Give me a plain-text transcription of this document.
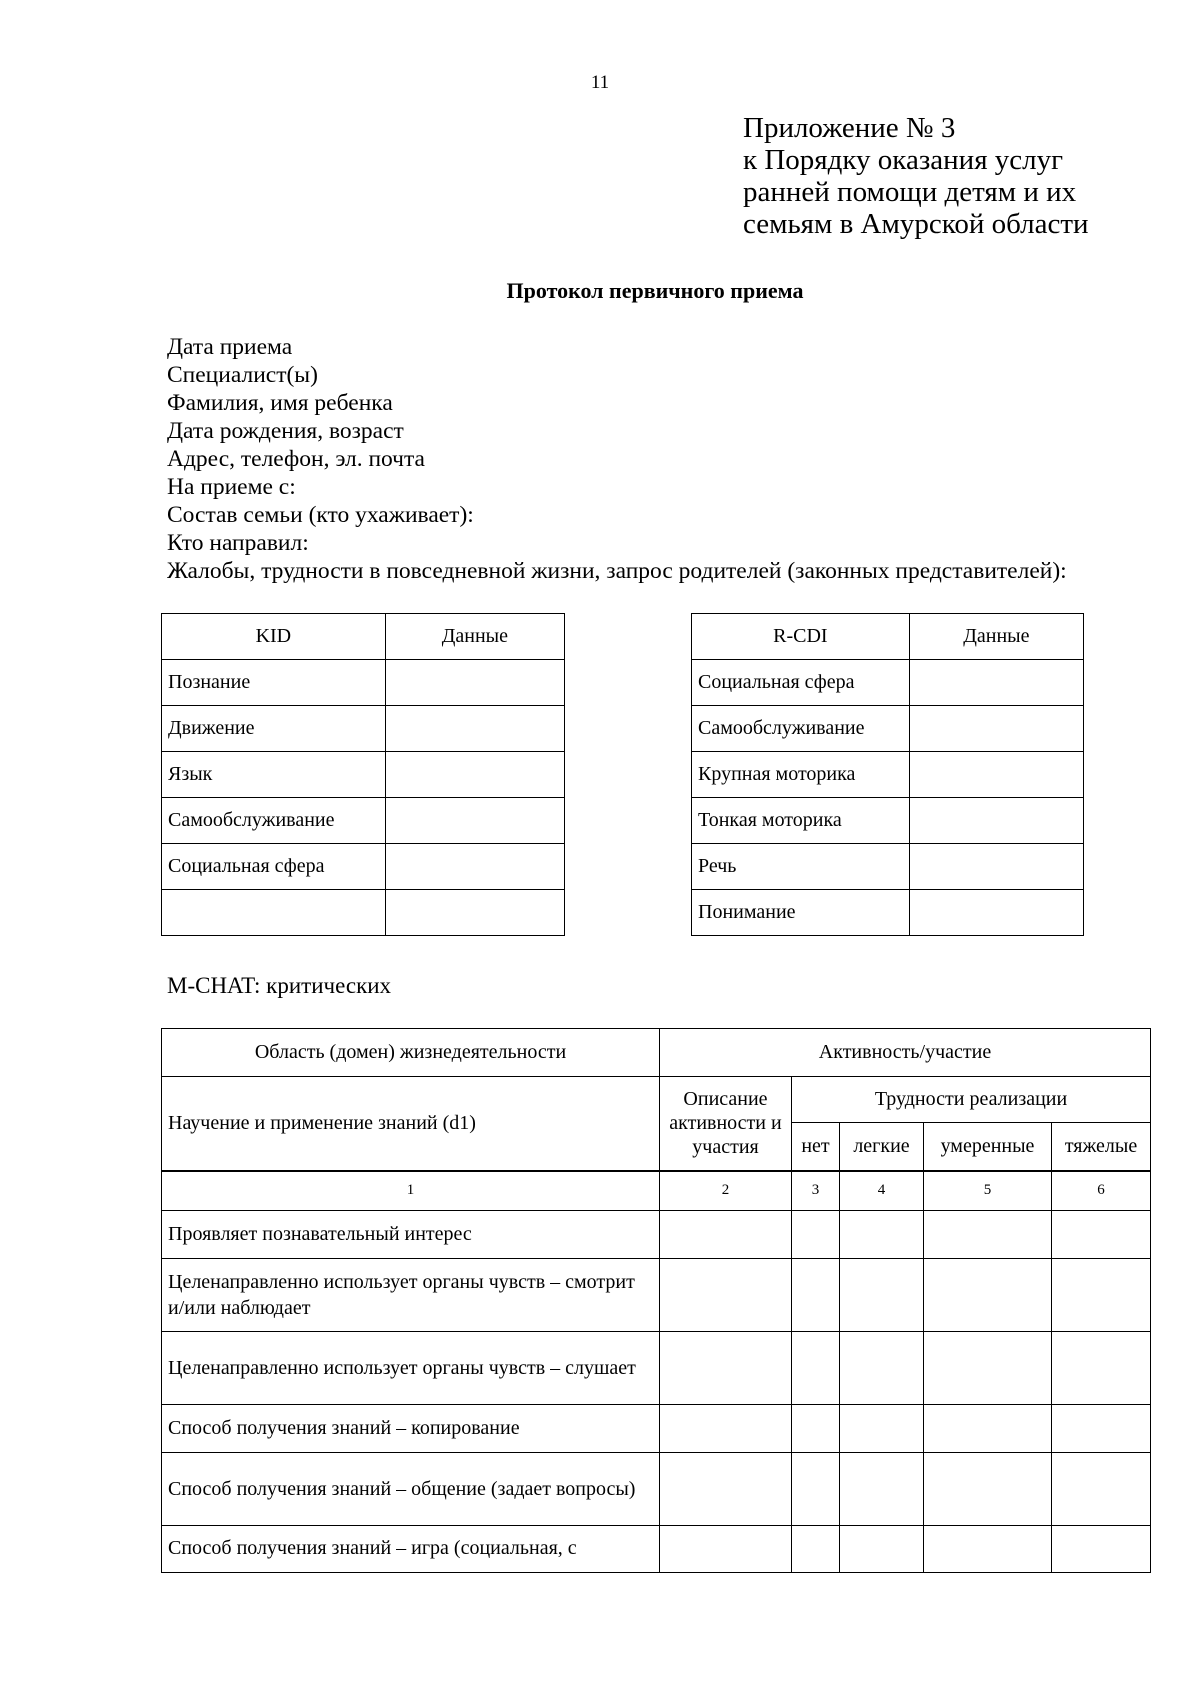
11
Приложение № 3
к Порядку оказания услуг
ранней помощи детям и их
семьям в Амурской области
Протокол первичного приема
Дата приема
Специалист(ы)
Фамилия, имя ребенка
Дата рождения, возраст
Адрес, телефон, эл. почта
На приеме с:
Состав семьи (кто ухаживает):
Кто направил:
Жалобы, трудности в повседневной жизни, запрос родителей (законных представителей):
KID	Данные
Познание	
Движение	
Язык	
Самообслуживание	
Социальная сфера	

R-CDI	Данные
Социальная сфера	
Самообслуживание	
Крупная моторика	
Тонкая моторика	
Речь	
Понимание	
M-CHAT: критических
Область (домен) жизнедеятельности	Активность/участие				
Научение и применение знаний (d1)	Описание активности и участия	Трудности реализации			
		нет	легкие	умеренные	тяжелые
1	2	3	4	5	6
Проявляет познавательный интерес					
Целенаправленно использует органы чувств – смотрит и/или наблюдает					
Целенаправленно использует органы чувств – слушает					
Способ получения знаний – копирование					
Способ получения знаний – общение (задает вопросы)					
Способ получения знаний – игра (социальная, с					
